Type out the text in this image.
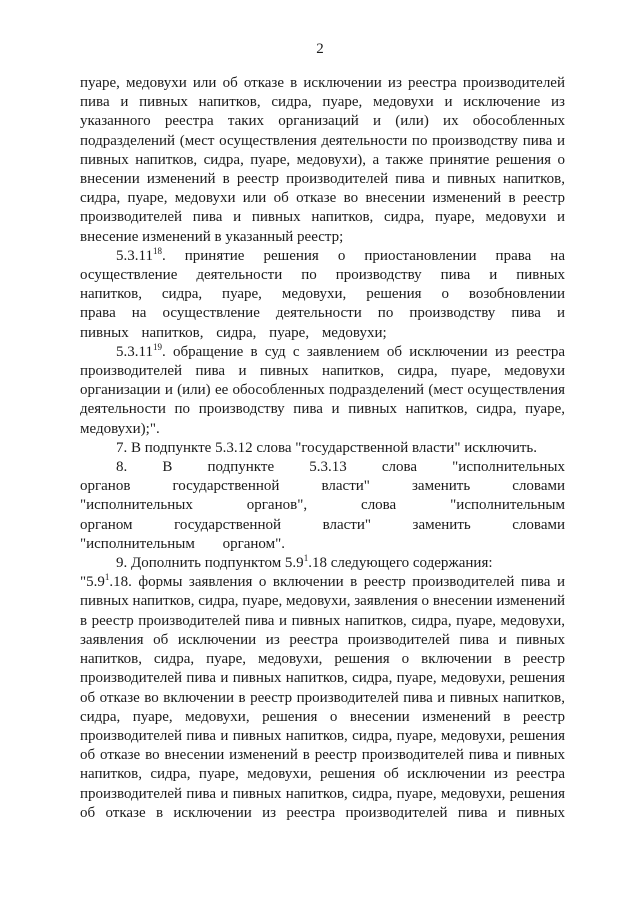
2

пуаре, медовухи или об отказе в исключении из реестра производителей пива и пивных напитков, сидра, пуаре, медовухи и исключение из указанного реестра таких организаций и (или) их обособленных подразделений (мест осуществления деятельности по производству пива и пивных напитков, сидра, пуаре, медовухи), а также принятие решения о внесении изменений в реестр производителей пива и пивных напитков, сидра, пуаре, медовухи или об отказе во внесении изменений в реестр производителей пива и пивных напитков, сидра, пуаре, медовухи и внесение изменений в указанный реестр;

5.3.11$^{18}$. принятие решения о приостановлении права на осуществление деятельности по производству пива и пивных напитков, сидра, пуаре, медовухи, решения о возобновлении права на осуществление деятельности по производству пива и пивных напитков, сидра, пуаре, медовухи;

5.3.11$^{19}$. обращение в суд с заявлением об исключении из реестра производителей пива и пивных напитков, сидра, пуаре, медовухи организации и (или) ее обособленных подразделений (мест осуществления деятельности по производству пива и пивных напитков, сидра, пуаре, медовухи);".

7. В подпункте 5.3.12 слова "государственной власти" исключить.

8. В подпункте 5.3.13 слова "исполнительных органов государственной власти" заменить словами "исполнительных органов", слова "исполнительным органом государственной власти" заменить словами "исполнительным органом".

9. Дополнить подпунктом $5.9^1.18$ следующего содержания:

"$5.9^1.18$. формы заявления о включении в реестр производителей пива и пивных напитков, сидра, пуаре, медовухи, заявления о внесении изменений в реестр производителей пива и пивных напитков, сидра, пуаре, медовухи, заявления об исключении из реестра производителей пива и пивных напитков, сидра, пуаре, медовухи, решения о включении в реестр производителей пива и пивных напитков, сидра, пуаре, медовухи, решения об отказе во включении в реестр производителей пива и пивных напитков, сидра, пуаре, медовухи, решения о внесении изменений в реестр производителей пива и пивных напитков, сидра, пуаре, медовухи, решения об отказе во внесении изменений в реестр производителей пива и пивных напитков, сидра, пуаре, медовухи, решения об исключении из реестра производителей пива и пивных напитков, сидра, пуаре, медовухи, решения об отказе в исключении из реестра производителей пива и пивных
